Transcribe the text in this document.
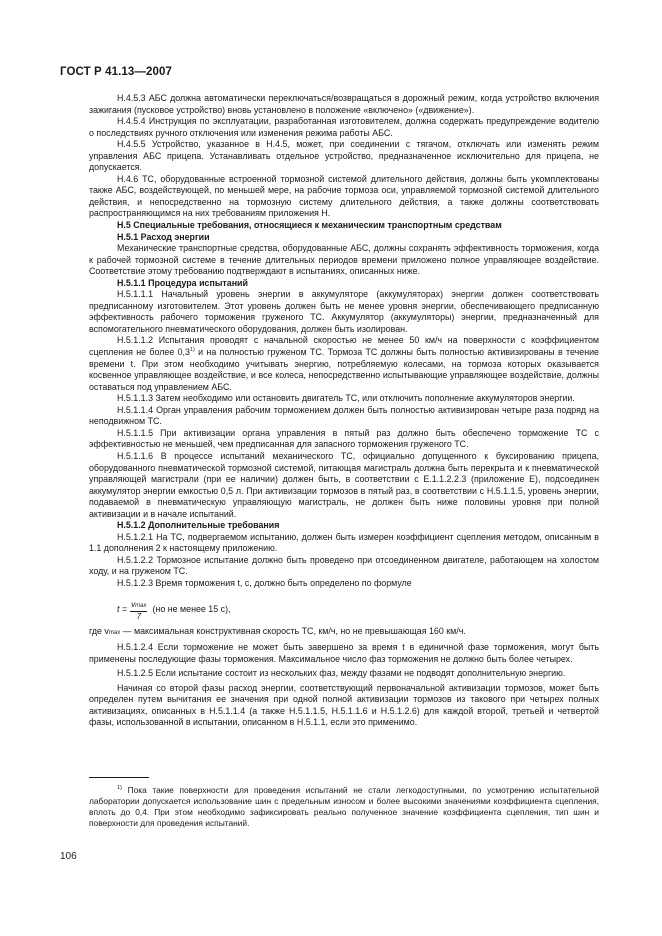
ГОСТ Р 41.13—2007

Н.4.5.3 АБС должна автоматически переключаться/возвращаться в дорожный режим, когда устройство включения зажигания (пусковое устройство) вновь установлено в положение «включено» («движение»).

Н.4.5.4 Инструкция по эксплуатации, разработанная изготовителем, должна содержать предупреждение водителю о последствиях ручного отключения или изменения режима работы АБС.

Н.4.5.5 Устройство, указанное в Н.4.5, может, при соединении с тягачом, отключать или изменять режим управления АБС прицепа. Устанавливать отдельное устройство, предназначенное исключительно для прицепа, не допускается.

Н.4.6 ТС, оборудованные встроенной тормозной системой длительного действия, должны быть укомплектованы также АБС, воздействующей, по меньшей мере, на рабочие тормоза оси, управляемой тормозной системой длительного действия, и непосредственно на тормозную систему длительного действия, а также должны соответствовать распространяющимся на них требованиям приложения Н.

Н.5 Специальные требования, относящиеся к механическим транспортным средствам

Н.5.1 Расход энергии

Механические транспортные средства, оборудованные АБС, должны сохранять эффективность торможения, когда к рабочей тормозной системе в течение длительных периодов времени приложено полное управляющее воздействие. Соответствие этому требованию подтверждают в испытаниях, описанных ниже.

Н.5.1.1 Процедура испытаний

Н.5.1.1.1 Начальный уровень энергии в аккумуляторе (аккумуляторах) энергии должен соответствовать предписанному изготовителем. Этот уровень должен быть не менее уровня энергии, обеспечивающего предписанную эффективность рабочего торможения груженого ТС. Аккумулятор (аккумуляторы) энергии, предназначенный для вспомогательного пневматического оборудования, должен быть изолирован.

Н.5.1.1.2 Испытания проводят с начальной скоростью не менее 50 км/ч на поверхности с коэффициентом сцепления не более 0,3$^{1)}$ и на полностью груженом ТС. Тормоза ТС должны быть полностью активизированы в течение времени t. При этом необходимо учитывать энергию, потребляемую колесами, на тормоза которых оказывается косвенное управляющее воздействие, и все колеса, непосредственно испытывающие управляющее воздействие, должны оставаться под управлением АБС.

Н.5.1.1.3 Затем необходимо или остановить двигатель ТС, или отключить пополнение аккумуляторов энергии.

Н.5.1.1.4 Орган управления рабочим торможением должен быть полностью активизирован четыре раза подряд на неподвижном ТС.

Н.5.1.1.5 При активизации органа управления в пятый раз должно быть обеспечено торможение ТС с эффективностью не меньшей, чем предписанная для запасного торможения груженого ТС.

Н.5.1.1.6 В процессе испытаний механического ТС, официально допущенного к буксированию прицепа, оборудованного пневматической тормозной системой, питающая магистраль должна быть перекрыта и к пневматической управляющей магистрали (при ее наличии) должен быть, в соответствии с Е.1.1.2.2.3 (приложение Е), подсоединен аккумулятор энергии емкостью 0,5 л. При активизации тормозов в пятый раз, в соответствии с Н.5.1.1.5, уровень энергии, подаваемой в пневматическую управляющую магистраль, не должен быть ниже половины уровня при полной активизации и в начале испытаний.

Н.5.1.2 Дополнительные требования

Н.5.1.2.1 На ТС, подвергаемом испытанию, должен быть измерен коэффициент сцепления методом, описанным в 1.1 дополнения 2 к настоящему приложению.

Н.5.1.2.2 Тормозное испытание должно быть проведено при отсоединенном двигателе, работающем на холостом ходу, и на груженом ТС.

Н.5.1.2.3 Время торможения t, с, должно быть определено по формуле

$t = \frac{vmax}{7} (но$ не менее 15 с),

где vmax — максимальная конструктивная скорость ТС, км/ч, но не превышающая 160 км/ч.

Н.5.1.2.4 Если торможение не может быть завершено за время t в единичной фазе торможения, могут быть применены последующие фазы торможения. Максимальное число фаз торможения не должно быть более четырех.

Н.5.1.2.5 Если испытание состоит из нескольких фаз, между фазами не подводят дополнительную энергию.

Начиная со второй фазы расход энергии, соответствующий первоначальной активизации тормозов, может быть определен путем вычитания ее значения при одной полной активизации тормозов из такового при четырех полных активизациях, описанных в Н.5.1.1.4 (а также Н.5.1.1.5, Н.5.1.1.6 и Н.5.1.2.6) для каждой второй, третьей и четвертой фазы, использованной в испытании, описанном в Н.5.1.1, если это применимо.

$^{1)}$ Пока такие поверхности для проведения испытаний не стали легкодоступными, по усмотрению испытательной лаборатории допускается использование шин с предельным износом и более высокими значениями коэффициента сцепления, вплоть до 0,4. При этом необходимо зафиксировать реально полученное значение коэффициента сцепления, тип шин и поверхности для проведения испытаний.

106
